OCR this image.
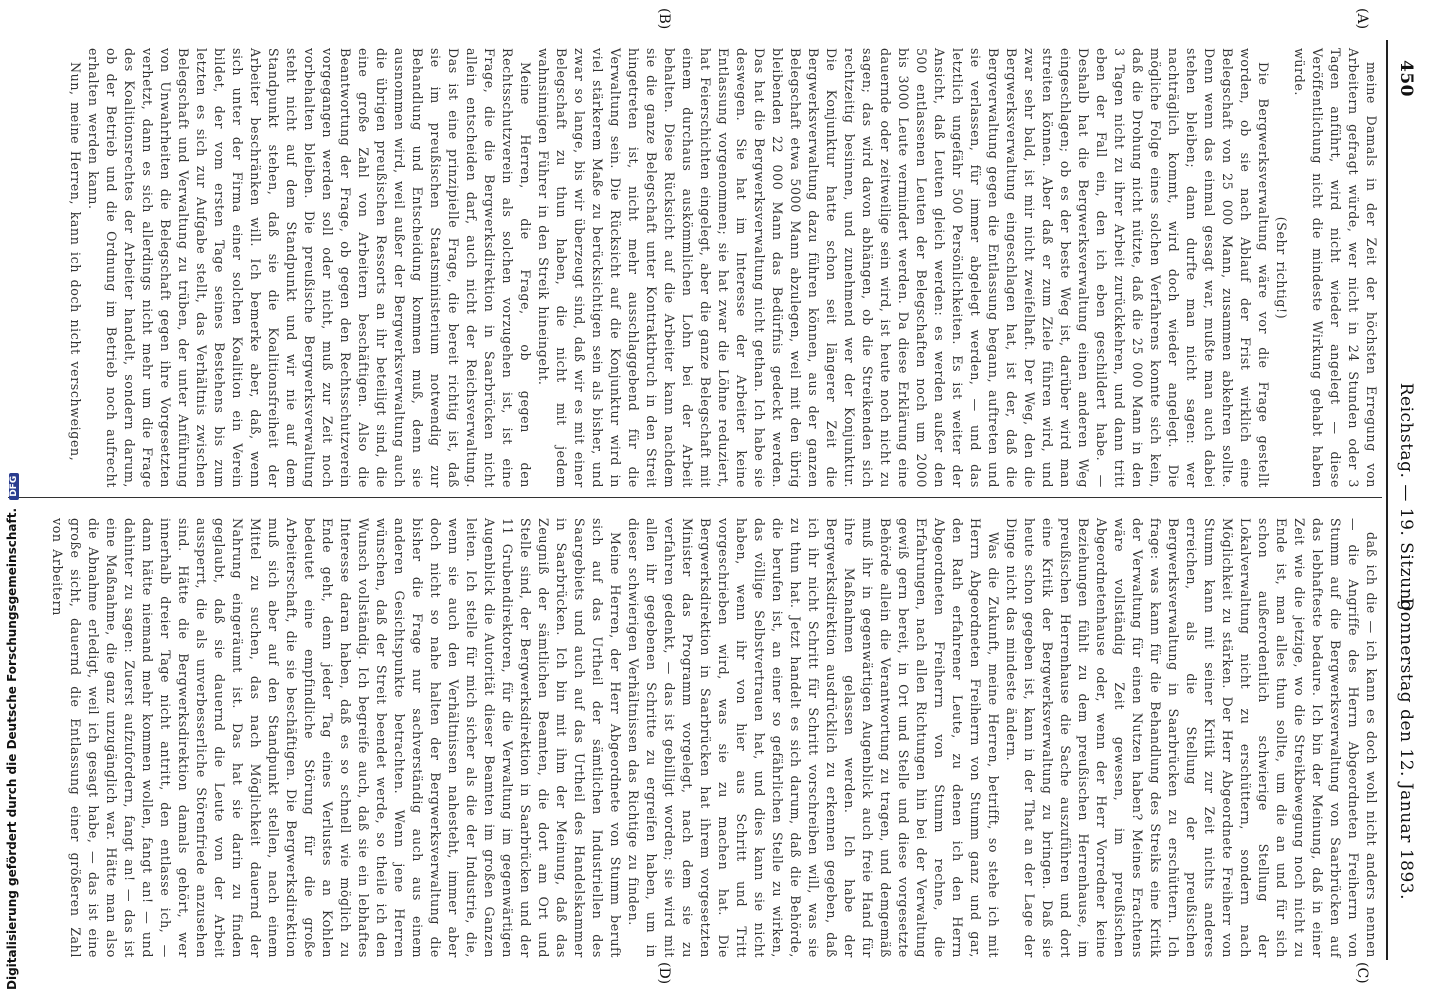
450
Reichstag. — 19. Sitzung.
Donnerstag den 12. Januar 1893.
(A)
(B)
(C)
(D)

meine Damals in der Zeit der höchsten Erregung von Arbeitern gefragt würde, wer nicht in 24 Stunden oder 3 Tagen anführt, wird nicht wieder angelegt — diese Veröffentlichung nicht die mindeste Wirkung gehabt haben würde.

(Sehr richtig!)

Die Bergwerksverwaltung wäre vor die Frage gestellt worden, ob sie nach Ablauf der Frist wirklich eine Belegschaft von 25 000 Mann, zusammen abkehren sollte. Denn wenn das einmal gesagt war, mußte man auch dabei stehen bleiben; dann durfte man nicht sagen: wer nachträglich kommt, wird doch wieder angelegt. Die mögliche Folge eines solchen Verfahrens konnte sich kein, daß die Drohung nicht nützte, daß die 25 000 Mann in den 3 Tagen nicht zu ihrer Arbeit zurückkehren, und dann tritt eben der Fall ein, den ich eben geschildert habe. — Deshalb hat die Bergwerksverwaltung einen anderen Weg eingeschlagen; ob es der beste Weg ist, darüber wird man streiten können. Aber daß er zum Ziele führen wird, und zwar sehr bald, ist mir nicht zweifelhaft. Der Weg, den die Bergwerksverwaltung eingeschlagen hat, ist der, daß die Bergverwaltung gegen die Entlassung begann, auftreten und sie verlassen, für immer abgelegt werden, — und das letztlich ungefähr 500 Persönlichkeiten. Es ist weiter der Ansicht, daß Leuten gleich werden: es werden außer den 500 entlassenen Leuten der Belegschaften noch um 2000 bis 3000 Leute vermindert werden. Da diese Erklärung eine dauernde oder zeitweilige sein wird, ist heute noch nicht zu sagen; das wird davon abhängen, ob die Streikenden sich rechtzeitig besinnen, und zunehmend wer der Konjunktur. Die Konjunktur hatte schon seit längerer Zeit die Bergwerksverwaltung dazu führen können, aus der ganzen Belegschaft etwa 5000 Mann abzulegen, weil mit den übrig bleibenden 22 000 Mann das Bedürfnis gedeckt werden. Das hat die Bergwerksverwaltung nicht gethan. Ich habe sie deswegen. Sie hat im Interesse der Arbeiter keine Entlassung vorgenommen; sie hat zwar die Löhne reduziert, hat Feierschichten eingelegt, aber die ganze Belegschaft mit einem durchaus auskömmlichen Lohn bei der Arbeit behalten. Diese Rücksicht auf die Arbeiter kann nachdem sie die ganze Belegschaft unter Kontraktbruch in den Streit hingetreten ist, nicht mehr ausschlaggebend für die Verwaltung sein. Die Rücksicht auf die Konjunktur wird in viel stärkerem Maße zu berücksichtigen sein als bisher, und zwar so lange, bis wir überzeugt sind, daß wir es mit einer Belegschaft zu thun haben, die nicht mit jedem wahnsinnigen Führer in den Streik hineingeht.

Meine Herren, die Frage, ob gegen den Rechtsschutzverein als solchen vorzugehen ist, ist eine Frage, die die Bergwerksdirektion in Saarbrücken nicht allein entscheiden darf, auch nicht der Reichsverwaltung. Das ist eine prinzipielle Frage, die bereit richtig ist, daß sie im preußischen Staatsministerium notwendig zur Behandlung und Entscheidung kommen muß, denn sie ausnommen wird, weil außer der Bergwerksverwaltung auch die übrigen preußischen Ressorts an ihr beteiligt sind, die eine große Zahl von Arbeitern beschäftigen. Also die Beantwortung der Frage, ob gegen den Rechtsschutzverein vorgegangen werden soll oder nicht, muß zur Zeit noch vorbehalten bleiben. Die preußische Bergwerksverwaltung steht nicht auf dem Standpunkt und wir nie auf dem Standpunkt stehen, daß sie die Koalitionsfreiheit der Arbeiter beschränken will. Ich bemerke aber, daß, wenn sich unter der Firma einer solchen Koalition ein Verein bildet, der vom ersten Tage seines Bestehens bis zum letzten es sich zur Aufgabe stellt, das Verhältnis zwischen Belegschaft und Verwaltung zu trüben, der unter Anführung von Unwahrheiten die Belegschaft gegen ihre Vorgesetzten verhetzt, dann es sich allerdings nicht mehr um die Frage des Koalitionsrechtes der Arbeiter handelt, sondern darum, ob der Betrieb und die Ordnung im Betrieb noch aufrecht erhalten werden kann.

Nun, meine Herren, kann ich doch nicht verschweigen,

daß ich die — ich kann es doch wohl nicht anders nennen — die Angriffe des Herrn Abgeordneten Freiherrn von Stumm auf die Bergwerksverwaltung von Saarbrücken auf das lebhafteste bedaure. Ich bin der Meinung, daß in einer Zeit wie die jetzige, wo die Streikbewegung noch nicht zu Ende ist, man alles thun sollte, um die an und für sich schon außerordentlich schwierige Stellung der Lokalverwaltung nicht zu erschüttern, sondern nach Möglichkeit zu stärken. Der Herr Abgeordnete Freiherr von Stumm kann mit seiner Kritik zur Zeit nichts anderes erreichen, als die Stellung der preußischen Bergwerksverwaltung in Saarbrücken zu erschüttern. Ich frage: was kann für die Behandlung des Streiks eine Kritik der Verwaltung für einen Nutzen haben? Meines Erachtens wäre vollständig Zeit gewesen, im preußischen Abgeordnetenhause oder, wenn der Herr Vorredner keine Beziehungen fühlt zu dem preußischen Herrenhause, im preußischen Herrenhause die Sache auszuführen und dort eine Kritik der Bergwerksverwaltung zu bringen. Daß sie heute schon gegeben ist, kann in der That an der Lage der Dinge nicht das mindeste ändern.

Was die Zukunft, meine Herren, betrifft, so stehe ich mit Herrn Abgeordneten Freiherrn von Stumm ganz und gar, den Rath erfahrener Leute, zu denen ich den Herrn Abgeordneten Freiherrn von Stumm rechne, die Erfahrungen, nach allen Richtungen hin bei der Verwaltung gewiß gern bereit, in Ort und Stelle und diese vorgesetzte Behörde allein die Verantwortung zu tragen, und demgemäß muß ihr in gegenwärtigen Augenblick auch freie Hand für ihre Maßnahmen gelassen werden. Ich habe der Bergwerksdirektion ausdrücklich zu erkennen gegeben, daß ich ihr nicht Schritt für Schritt vorschreiben will, was sie zu thun hat. Jetzt handelt es sich darum, daß die Behörde, die berufen ist, an einer so gefährlichen Stelle zu wirken, das völlige Selbstvertrauen hat, und dies kann sie nicht haben, wenn ihr von hier aus Schritt und Tritt vorgeschrieben wird, was sie zu machen hat. Die Bergwerksdirektion in Saarbrücken hat ihrem vorgesetzten Minister das Programm vorgelegt, nach dem sie zu verfahren gedenkt, — das ist gebilligt worden; sie wird mit allen ihr gegebenen Schritte zu ergreifen haben, um in dieser schwierigen Verhältnissen das Richtige zu finden.

Meine Herren, der Herr Abgeordnete von Stumm beruft sich auf das Urtheil der sämtlichen Industriellen des Saargebiets und auch auf das Urtheil des Handelskammer in Saarbrücken. Ich bin mit ihm der Meinung, daß das Zeugniß der sämtlichen Beamten, die dort am Ort und Stelle sind, der Bergwerksdirektion in Saarbrücken und der 11 Grubendirektoren, für die Verwaltung im gegenwärtigen Augenblick die Autorität dieser Beamten im großen Ganzen leiten. Ich stelle für mich sicher als die der Industrie, die, wenn sie auch den Verhältnissen nahesteht, immer aber doch nicht so nahe halten der Bergwerksverwaltung die bisher die Frage nur sachverständig auch aus einem anderen Gesichtspunkte betrachten. Wenn jene Herren wünschen, daß der Streit beendet werde, so theile ich den Wunsch vollständig. Ich begreife auch, daß sie ein lebhaftes Interesse daran haben, daß es so schnell wie möglich zu Ende geht, denn jeder Tag eines Verlustes an Kohlen bedeutet eine empfindliche Störung für die große Arbeiterschaft, die sie beschäftigen. Die Bergwerksdirektion muß sich aber auf den Standpunkt stellen, nach einem Mittel zu suchen, das nach Möglichkeit dauernd der Nahrung eingeräumt ist. Das hat sie darin zu finden geglaubt, daß sie dauernd die Leute von der Arbeit aussperrt, die als unverbesserliche Störenfriede anzusehen sind. Hätte die Bergwerksdirektion damals gehört, wer innerhalb dreier Tage nicht antritt, den entlasse ich, — dann hätte niemand mehr kommen wollen, fangt an! — und dahinter zu sagen: Zuerst aufzufordern, fangt an! — das ist eine Maßnahme, die ganz unzugänglich war. Hätte man also die Abnahme erledigt, weil ich gesagt habe, — das ist eine große sicht, dauernd die Entlassung einer größeren Zahl von Arbeitern

Digitalisierung gefördert durch die Deutsche Forschungsgemeinschaft. DFG
